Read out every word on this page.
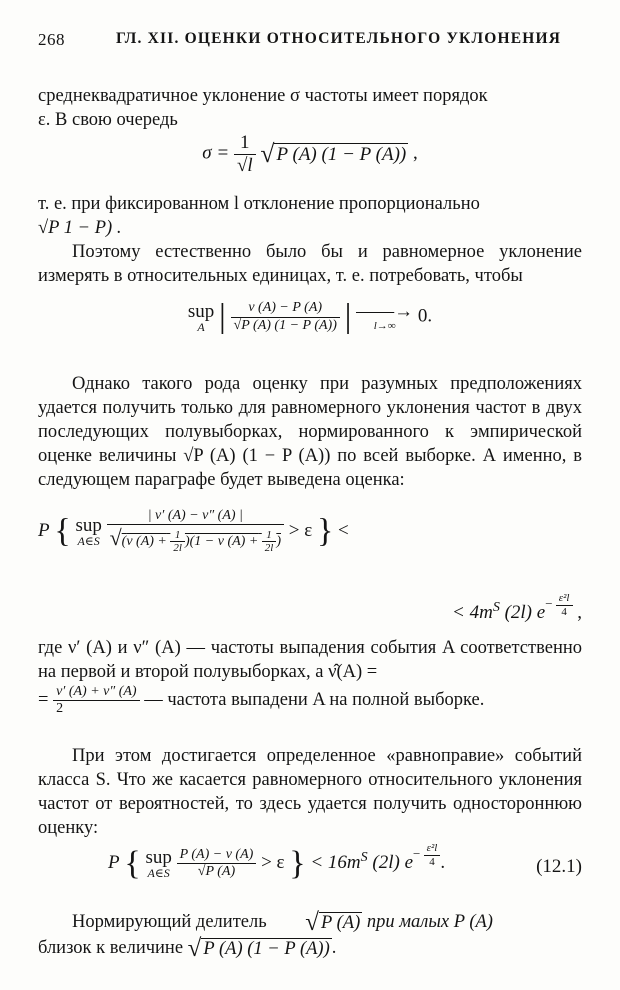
268	ГЛ. XII. ОЦЕНКИ ОТНОСИТЕЛЬНОГО УКЛОНЕНИЯ
среднеквадратичное уклонение σ частоты имеет порядок
ε. В свою очередь
$\sigma = \frac{1}{√l}$ √ P (A) (1 − P (A)) ,
т. е. при фиксированном l отклонение пропорционально
√P 1 − P) .
Поэтому естественно было бы и равномерное уклонение измерять в относительных единицах, т. е. потребовать, чтобы
sup
A | $\frac{\nu (A) - P (A)}{√P (A) (1 - P (A))}$ | ——→
l→∞	0.
Однако такого рода оценку при разумных предположениях удается получить только для равномерного уклонения частот в двух последующих полувыборках, нормированного к эмпирической оценке величины √P (A) (1 − P (A)) по всей выборке. А именно, в следующем параграфе будет выведена оценка:
P { sup
A∈S
$\frac{| \nu' (A) - \nu'' (A) |}{√(\nu (A) + \frac{1}{2l} )(1 - \nu (A) + \frac{1}{2l} )} > \varepsilon$ } <
< $4m^S$ (2l) $e^{- \frac{\text{ε²l}}{4}}$ ,
где ν′ (A) и ν″ (A) — частоты выпадения события A соответственно на первой и второй полувыборках, а ν̂(A) =
= $\frac{\nu' (A) + \nu'' (A)}{2}$ — частота выпадени A на полной выборке.
При этом достигается определенное «равноправие» событий класса S. Что же касается равномерного относительного уклонения частот от вероятностей, то здесь удается получить одностороннюю оценку:
P { sup
A∈S
$\frac{P (A) - \nu (A)}{√P (A)} > \varepsilon$ } < $16m^S$ (2l) $e^{- \frac{\text{ε²l}}{4}}$ .	(12.1)
Нормирующий делитель √ P (A) при малых P (A)
близок к величине √ P (A) (1 − P (A)) .
